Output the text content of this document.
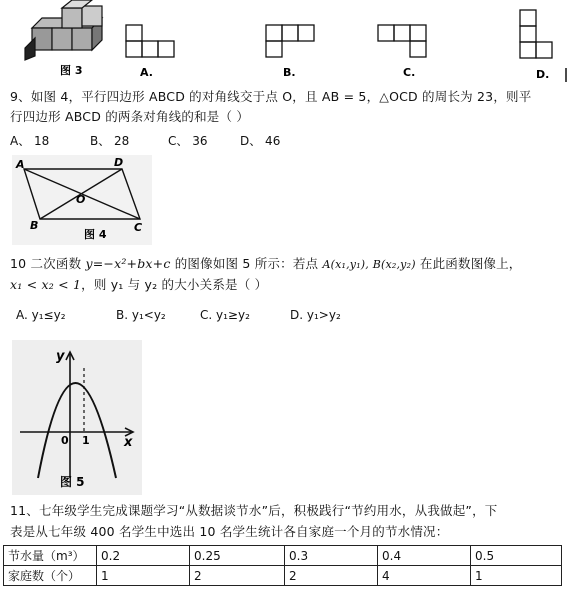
图 3	A.	B.	C.	D.
9、如图 4，平行四边形 ABCD 的对角线交于点 O，且 AB = 5，△OCD 的周长为 23，则平
行四边形 ABCD 的两条对角线的和是（ ）
A、 18	B、 28	C、 36	D、 46
A	D
O
B	C
图 4
10 二次函数 y=−x²+bx+c 的图像如图 5 所示：若点 A(x₁,y₁), B(x₂,y₂) 在此函数图像上，
x₁ < x₂ < 1，则 y₁ 与 y₂ 的大小关系是（ ）
A. y₁≤y₂	B. y₁<y₂	C. y₁≥y₂	D. y₁>y₂
y
x
0 1
图 5
11、七年级学生完成课题学习“从数据谈节水”后，积极践行“节约用水，从我做起”，下
表是从七年级 400 名学生中选出 10 名学生统计各自家庭一个月的节水情况：
节水量（m³）	0.2	0.25	0.3	0.4	0.5
家庭数（个）	1	2	2	4	1
